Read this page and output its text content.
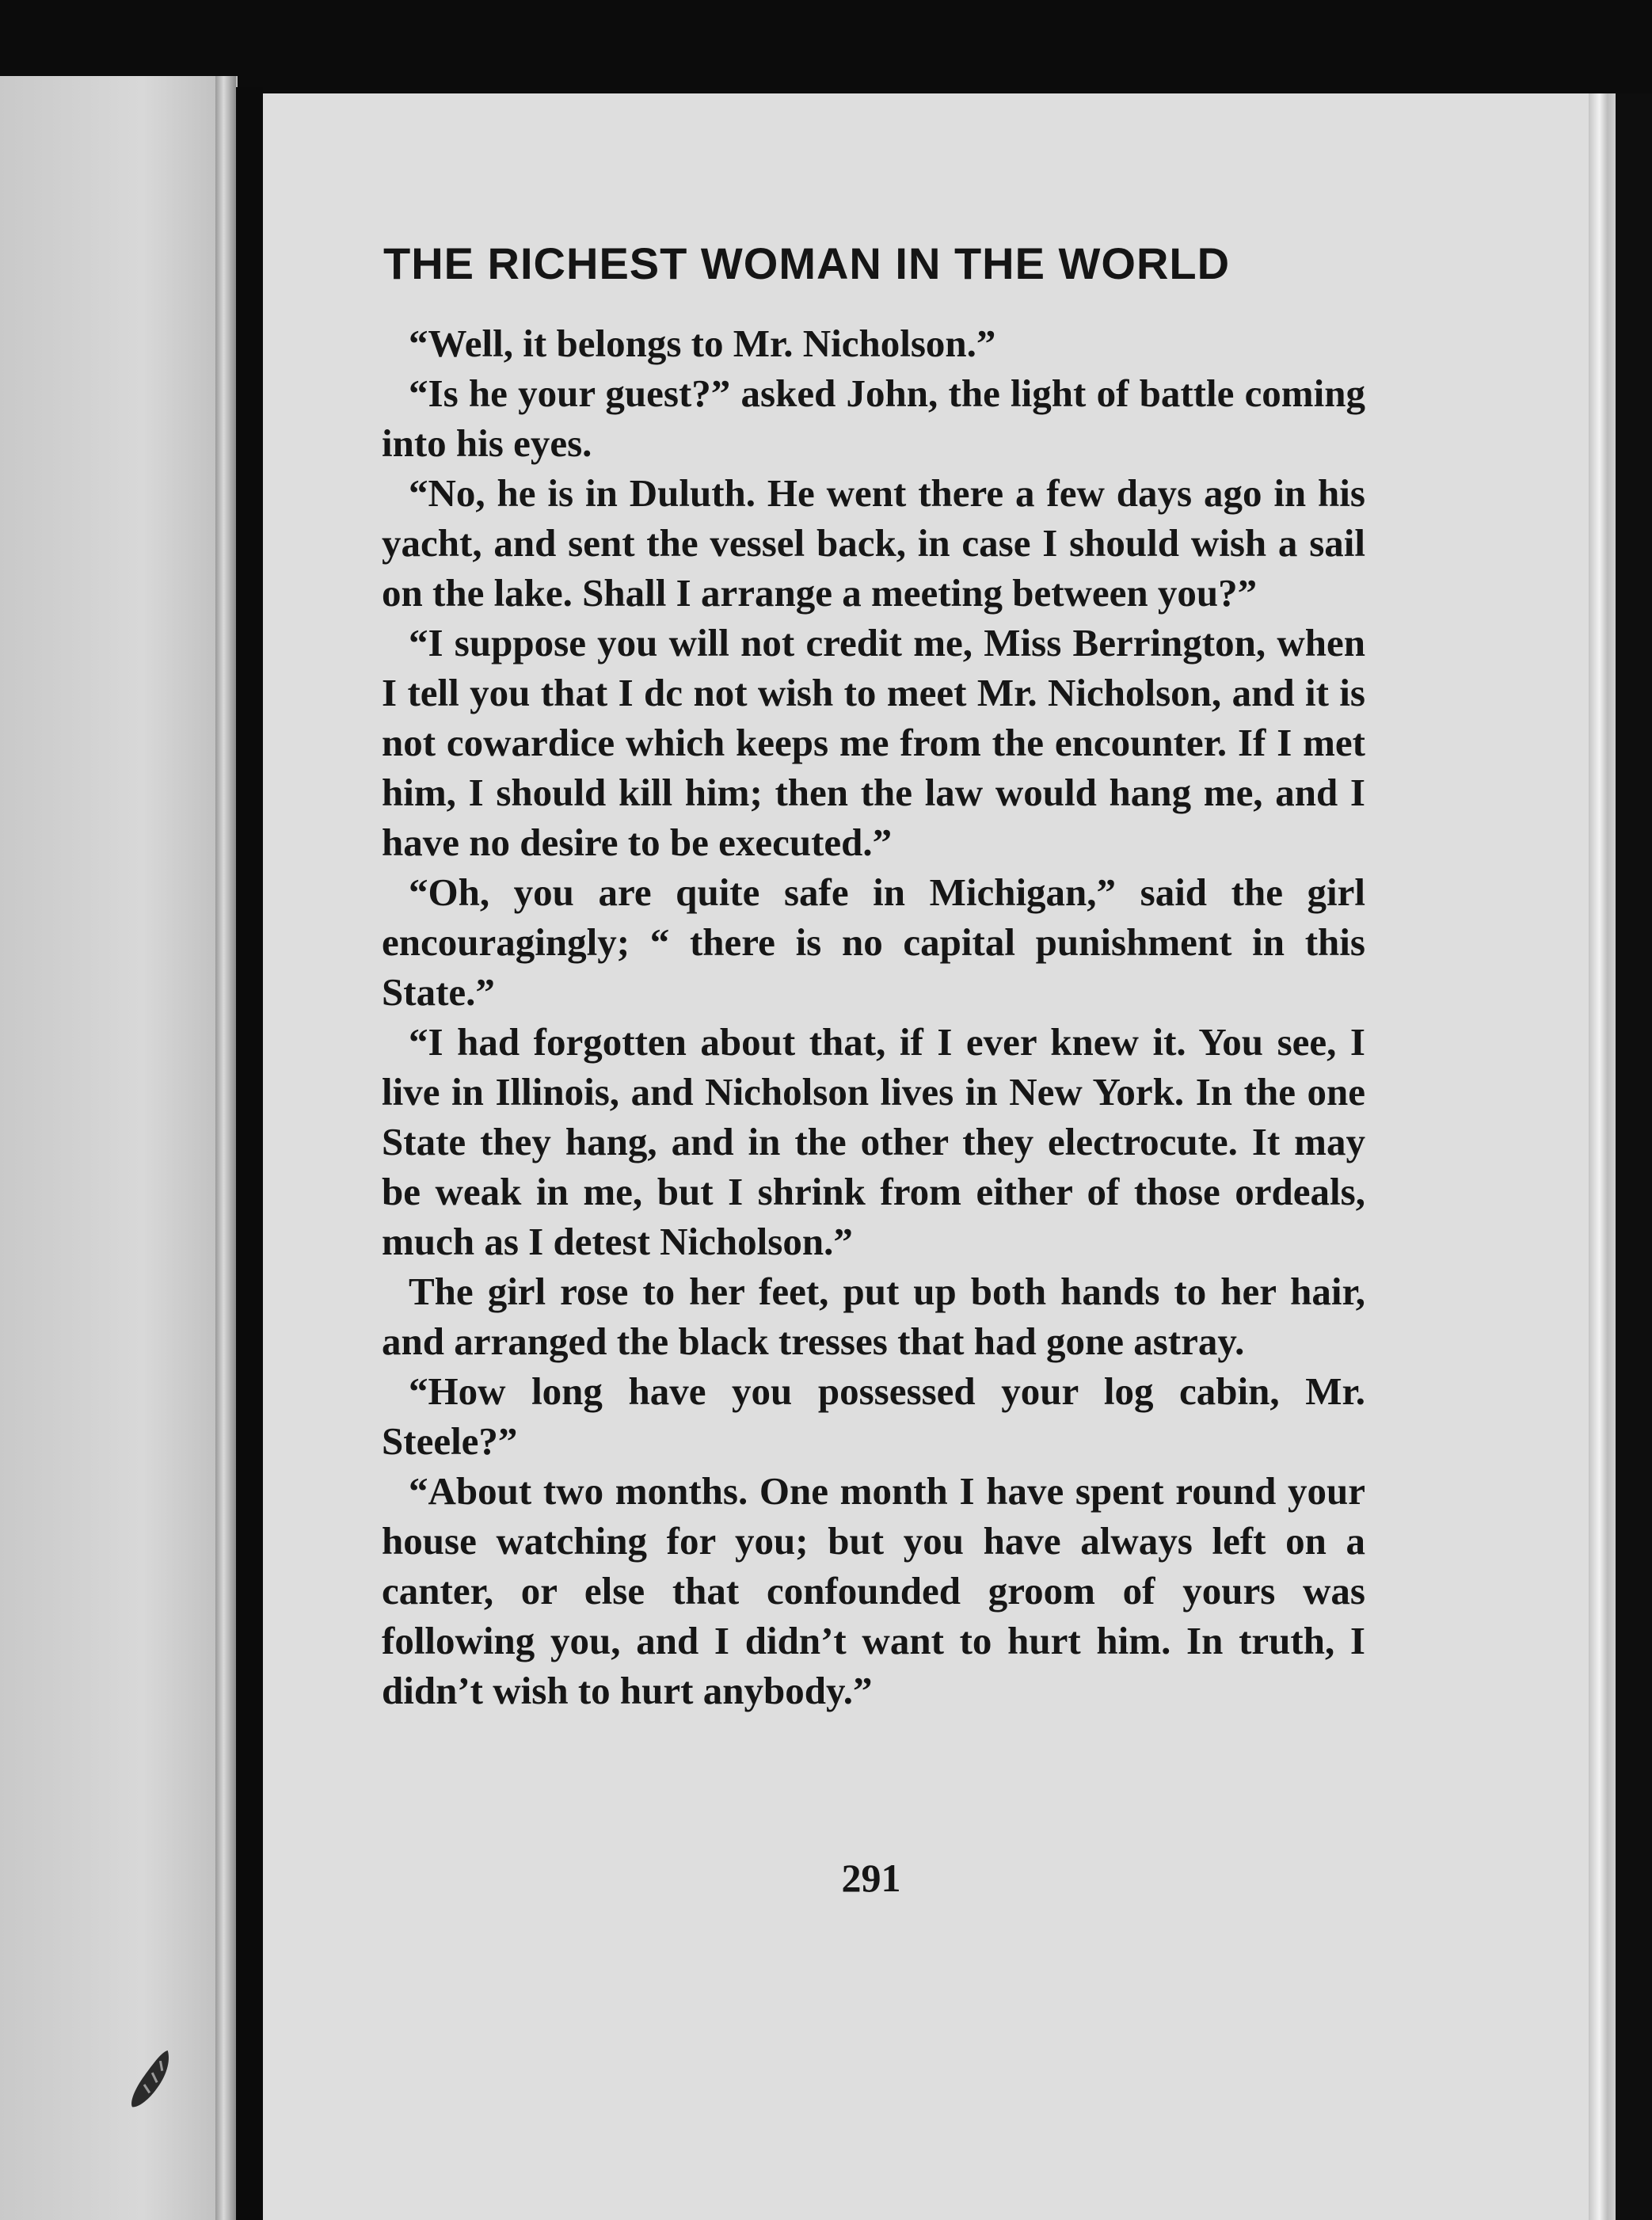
THE RICHEST WOMAN IN THE WORLD

“Well, it belongs to Mr. Nicholson.”

“Is he your guest?” asked John, the light of battle coming into his eyes.

“No, he is in Duluth. He went there a few days ago in his yacht, and sent the vessel back, in case I should wish a sail on the lake. Shall I arrange a meeting between you?”

“I suppose you will not credit me, Miss Berrington, when I tell you that I dc not wish to meet Mr. Nicholson, and it is not cowardice which keeps me from the encounter. If I met him, I should kill him; then the law would hang me, and I have no desire to be executed.”

“Oh, you are quite safe in Michigan,” said the girl encouragingly; “ there is no capital punishment in this State.”

“I had forgotten about that, if I ever knew it. You see, I live in Illinois, and Nicholson lives in New York. In the one State they hang, and in the other they electrocute. It may be weak in me, but I shrink from either of those ordeals, much as I detest Nicholson.”

The girl rose to her feet, put up both hands to her hair, and arranged the black tresses that had gone astray.

“How long have you possessed your log cabin, Mr. Steele?”

“About two months. One month I have spent round your house watching for you; but you have always left on a canter, or else that confounded groom of yours was following you, and I didn’t want to hurt him. In truth, I didn’t wish to hurt anybody.”

291
